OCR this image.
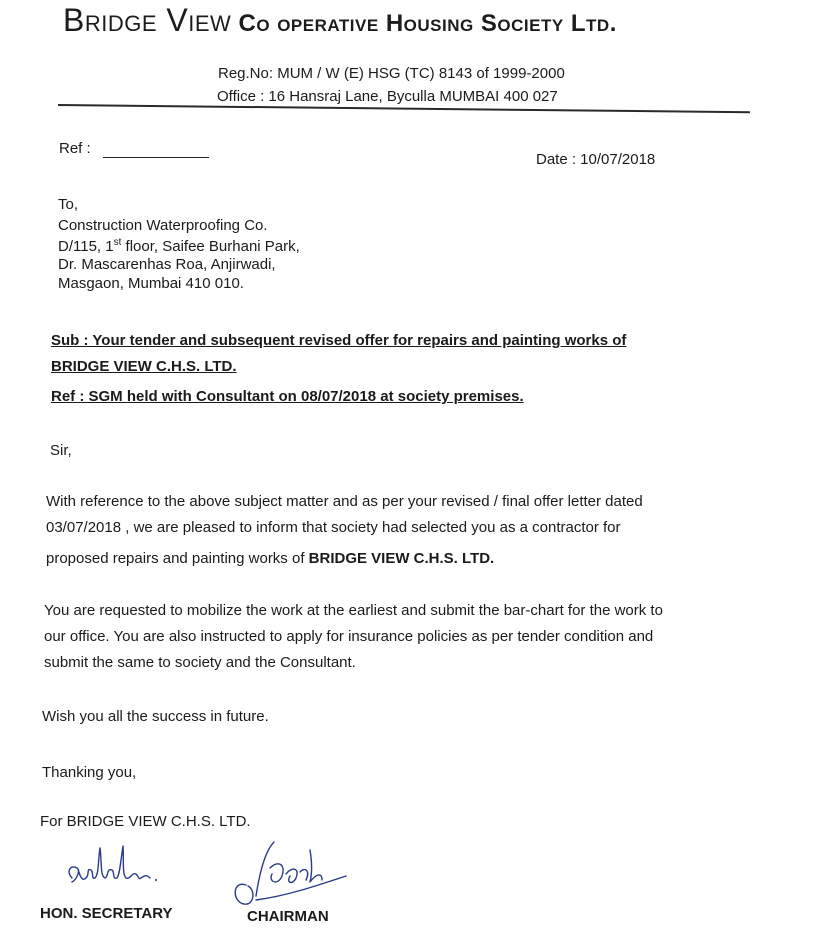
Bridge View Co operative Housing Society Ltd.
Reg.No: MUM / W (E) HSG (TC) 8143 of 1999-2000
Office : 16 Hansraj Lane, Byculla MUMBAI 400 027
Ref :
Date : 10/07/2018
To,
Construction Waterproofing Co.
D/115, 1st floor, Saifee Burhani Park,
Dr. Mascarenhas Roa, Anjirwadi,
Masgaon, Mumbai 410 010.
Sub : Your tender and subsequent revised offer for repairs and painting works of
BRIDGE VIEW C.H.S. LTD.
Ref : SGM held with Consultant on 08/07/2018 at society premises.
Sir,
With reference to the above subject matter and as per your revised / final offer letter dated
03/07/2018 , we are pleased to inform that society had selected you as a contractor for
proposed repairs and painting works of BRIDGE VIEW C.H.S. LTD.
You are requested to mobilize the work at the earliest and submit the bar-chart for the work to
our office. You are also instructed to apply for insurance policies as per tender condition and
submit the same to society and the Consultant.
Wish you all the success in future.
Thanking you,
For BRIDGE VIEW C.H.S. LTD.
HON. SECRETARY	CHAIRMAN
